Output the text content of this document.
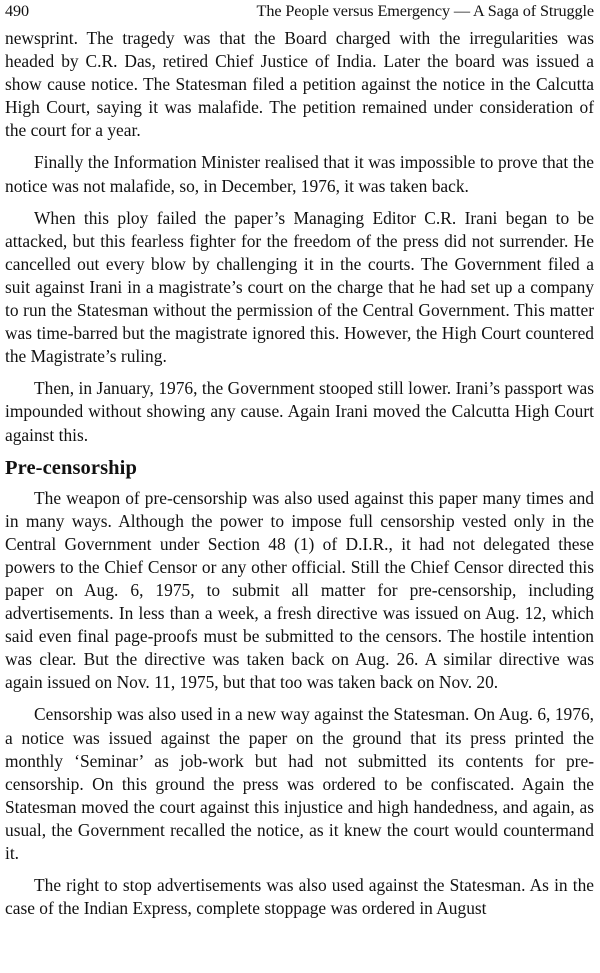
490	The People versus Emergency — A Saga of Struggle

newsprint. The tragedy was that the Board charged with the irregularities was headed by C.R. Das, retired Chief Justice of India. Later the board was issued a show cause notice. The Statesman filed a petition against the notice in the Calcutta High Court, saying it was malafide. The petition remained under consideration of the court for a year.

Finally the Information Minister realised that it was impossible to prove that the notice was not malafide, so, in December, 1976, it was taken back.

When this ploy failed the paper’s Managing Editor C.R. Irani began to be attacked, but this fearless fighter for the freedom of the press did not surrender. He cancelled out every blow by challenging it in the courts. The Government filed a suit against Irani in a magistrate’s court on the charge that he had set up a company to run the Statesman without the permission of the Central Government. This matter was time-barred but the magistrate ignored this. However, the High Court countered the Magistrate’s ruling.

Then, in January, 1976, the Government stooped still lower. Irani’s passport was impounded without showing any cause. Again Irani moved the Calcutta High Court against this.

Pre-censorship

The weapon of pre-censorship was also used against this paper many times and in many ways. Although the power to impose full censorship vested only in the Central Government under Section 48 (1) of D.I.R., it had not delegated these powers to the Chief Censor or any other official. Still the Chief Censor directed this paper on Aug. 6, 1975, to submit all matter for pre-censorship, including advertisements. In less than a week, a fresh directive was issued on Aug. 12, which said even final page-proofs must be submitted to the censors. The hostile intention was clear. But the directive was taken back on Aug. 26. A similar directive was again issued on Nov. 11, 1975, but that too was taken back on Nov. 20.

Censorship was also used in a new way against the Statesman. On Aug. 6, 1976, a notice was issued against the paper on the ground that its press printed the monthly ‘Seminar’ as job-work but had not submitted its contents for pre-censorship. On this ground the press was ordered to be confiscated. Again the Statesman moved the court against this injustice and high handedness, and again, as usual, the Government recalled the notice, as it knew the court would countermand it.

The right to stop advertisements was also used against the Statesman. As in the case of the Indian Express, complete stoppage was ordered in August
